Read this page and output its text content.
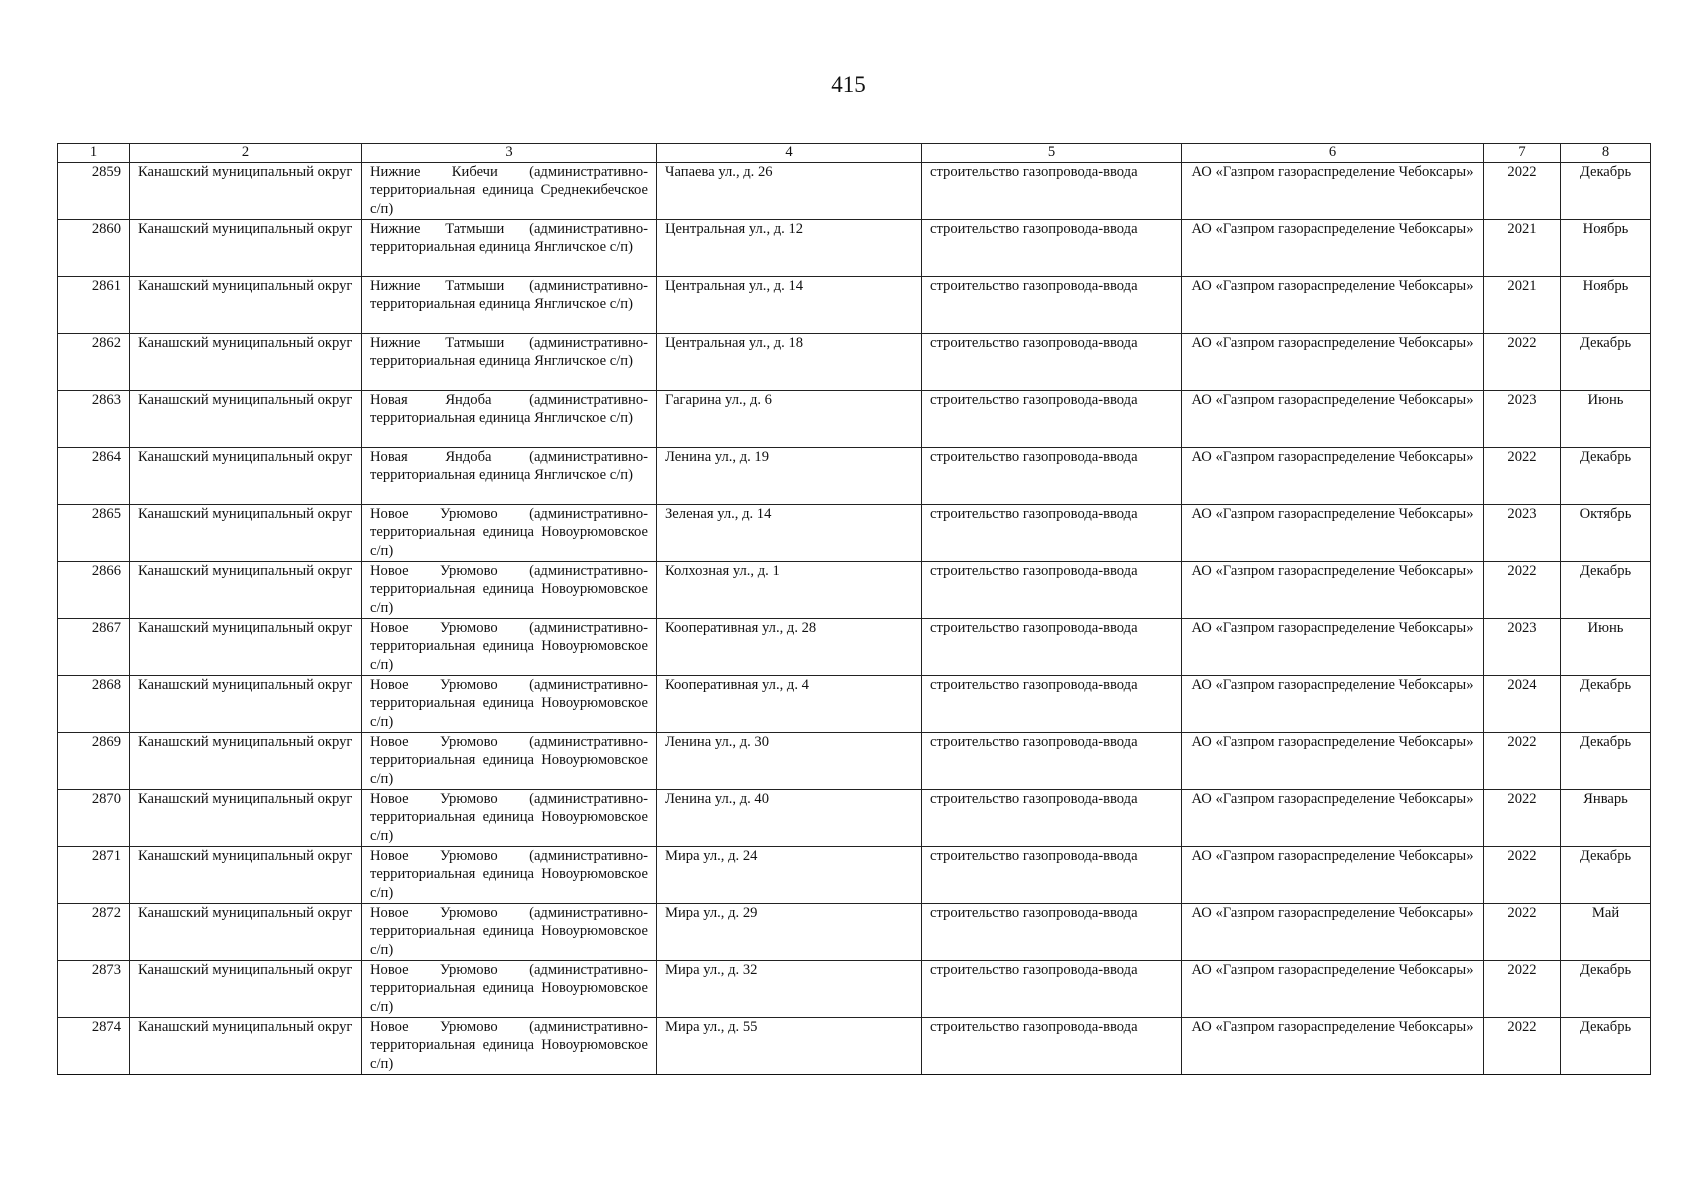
415
1	2	3	4	5	6	7	8
2859	Канашский муниципальный округ	Нижние Кибечи (административно-территориальная единица Среднекибечское с/п)	Чапаева ул., д. 26	строительство газопровода-ввода	АО «Газпром газораспределение Чебоксары»	2022	Декабрь
2860	Канашский муниципальный округ	Нижние Татмыши (административно-территориальная единица Янгличское с/п)	Центральная ул., д. 12	строительство газопровода-ввода	АО «Газпром газораспределение Чебоксары»	2021	Ноябрь
2861	Канашский муниципальный округ	Нижние Татмыши (административно-территориальная единица Янгличское с/п)	Центральная ул., д. 14	строительство газопровода-ввода	АО «Газпром газораспределение Чебоксары»	2021	Ноябрь
2862	Канашский муниципальный округ	Нижние Татмыши (административно-территориальная единица Янгличское с/п)	Центральная ул., д. 18	строительство газопровода-ввода	АО «Газпром газораспределение Чебоксары»	2022	Декабрь
2863	Канашский муниципальный округ	Новая Яндоба (административно-территориальная единица Янгличское с/п)	Гагарина ул., д. 6	строительство газопровода-ввода	АО «Газпром газораспределение Чебоксары»	2023	Июнь
2864	Канашский муниципальный округ	Новая Яндоба (административно-территориальная единица Янгличское с/п)	Ленина ул., д. 19	строительство газопровода-ввода	АО «Газпром газораспределение Чебоксары»	2022	Декабрь
2865	Канашский муниципальный округ	Новое Урюмово (административно-территориальная единица Новоурюмовское с/п)	Зеленая ул., д. 14	строительство газопровода-ввода	АО «Газпром газораспределение Чебоксары»	2023	Октябрь
2866	Канашский муниципальный округ	Новое Урюмово (административно-территориальная единица Новоурюмовское с/п)	Колхозная ул., д. 1	строительство газопровода-ввода	АО «Газпром газораспределение Чебоксары»	2022	Декабрь
2867	Канашский муниципальный округ	Новое Урюмово (административно-территориальная единица Новоурюмовское с/п)	Кооперативная ул., д. 28	строительство газопровода-ввода	АО «Газпром газораспределение Чебоксары»	2023	Июнь
2868	Канашский муниципальный округ	Новое Урюмово (административно-территориальная единица Новоурюмовское с/п)	Кооперативная ул., д. 4	строительство газопровода-ввода	АО «Газпром газораспределение Чебоксары»	2024	Декабрь
2869	Канашский муниципальный округ	Новое Урюмово (административно-территориальная единица Новоурюмовское с/п)	Ленина ул., д. 30	строительство газопровода-ввода	АО «Газпром газораспределение Чебоксары»	2022	Декабрь
2870	Канашский муниципальный округ	Новое Урюмово (административно-территориальная единица Новоурюмовское с/п)	Ленина ул., д. 40	строительство газопровода-ввода	АО «Газпром газораспределение Чебоксары»	2022	Январь
2871	Канашский муниципальный округ	Новое Урюмово (административно-территориальная единица Новоурюмовское с/п)	Мира ул., д. 24	строительство газопровода-ввода	АО «Газпром газораспределение Чебоксары»	2022	Декабрь
2872	Канашский муниципальный округ	Новое Урюмово (административно-территориальная единица Новоурюмовское с/п)	Мира ул., д. 29	строительство газопровода-ввода	АО «Газпром газораспределение Чебоксары»	2022	Май
2873	Канашский муниципальный округ	Новое Урюмово (административно-территориальная единица Новоурюмовское с/п)	Мира ул., д. 32	строительство газопровода-ввода	АО «Газпром газораспределение Чебоксары»	2022	Декабрь
2874	Канашский муниципальный округ	Новое Урюмово (административно-территориальная единица Новоурюмовское с/п)	Мира ул., д. 55	строительство газопровода-ввода	АО «Газпром газораспределение Чебоксары»	2022	Декабрь
